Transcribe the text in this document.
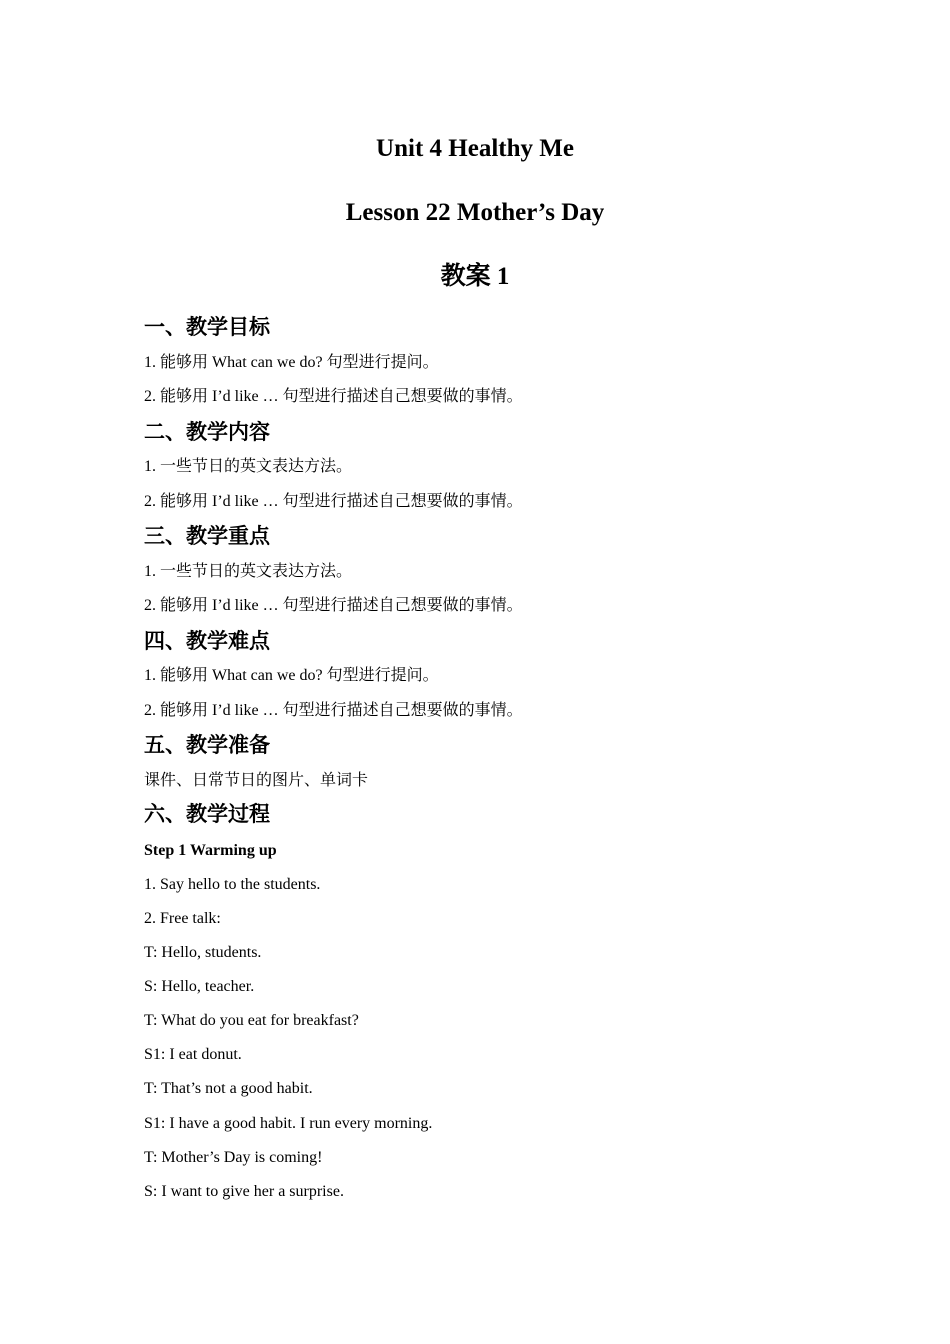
Unit 4 Healthy Me
Lesson 22 Mother’s Day
教案 1
一、教学目标
1. 能够用 What can we do? 句型进行提问。
2. 能够用 I’d like … 句型进行描述自己想要做的事情。
二、教学内容
1. 一些节日的英文表达方法。
2. 能够用 I’d like … 句型进行描述自己想要做的事情。
三、教学重点
1. 一些节日的英文表达方法。
2. 能够用 I’d like … 句型进行描述自己想要做的事情。
四、教学难点
1. 能够用 What can we do? 句型进行提问。
2. 能够用 I’d like … 句型进行描述自己想要做的事情。
五、教学准备
课件、日常节日的图片、单词卡
六、教学过程
Step 1 Warming up
1. Say hello to the students.
2. Free talk:
T: Hello, students.
S: Hello, teacher.
T: What do you eat for breakfast?
S1: I eat donut.
T: That’s not a good habit.
S1: I have a good habit. I run every morning.
T: Mother’s Day is coming!
S: I want to give her a surprise.
